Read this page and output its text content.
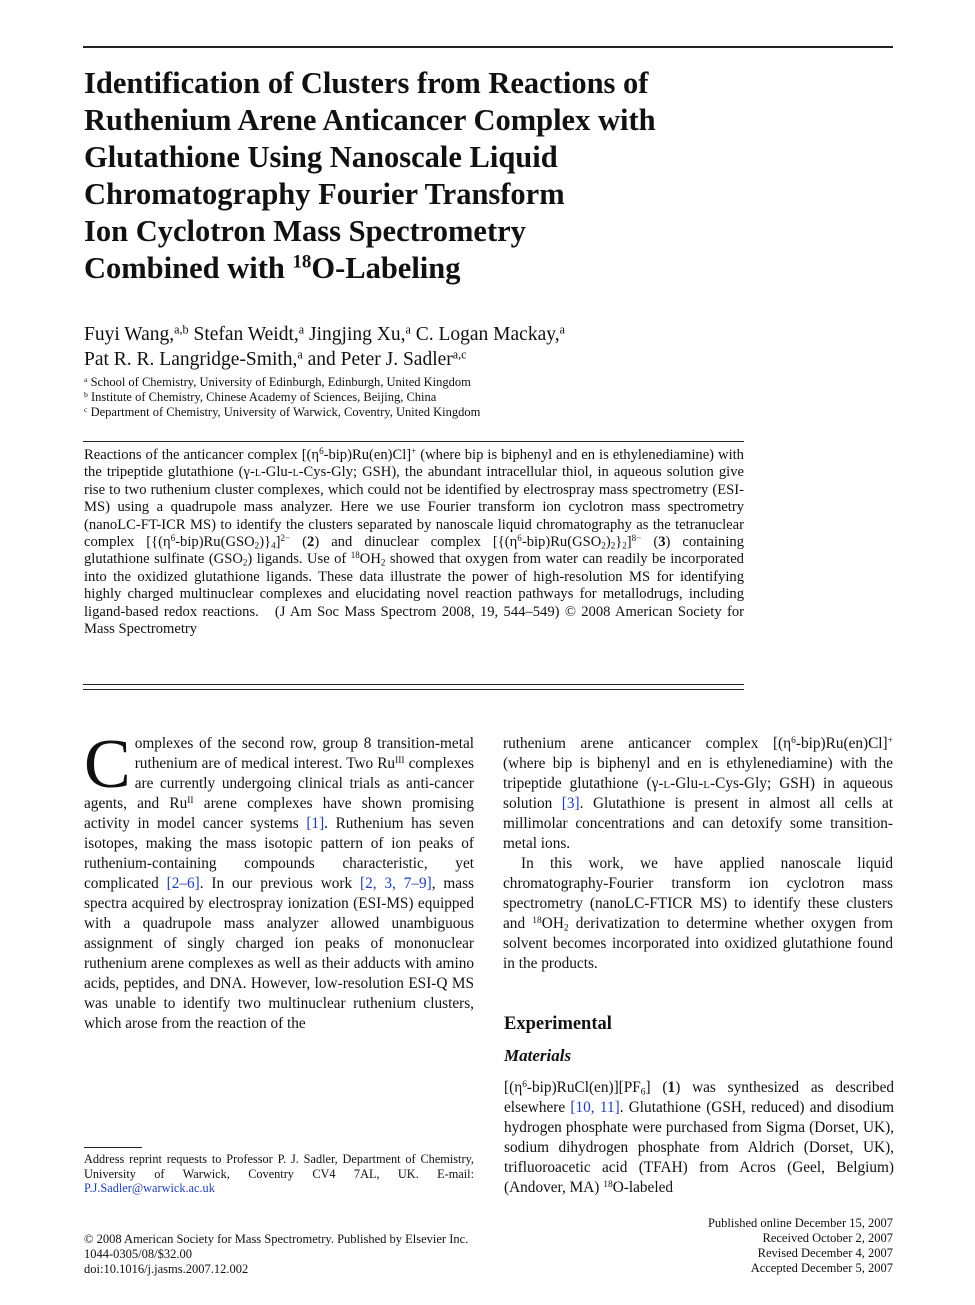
Identification of Clusters from Reactions of
Ruthenium Arene Anticancer Complex with
Glutathione Using Nanoscale Liquid
Chromatography Fourier Transform
Ion Cyclotron Mass Spectrometry
Combined with $^{18}$O-Labeling
Fuyi Wang,$^{a,b}$ Stefan Weidt,$^a$ Jingjing Xu,$^a$ C. Logan Mackay,$^a$
Pat R. R. Langridge-Smith,$^a$ and Peter J. Sadler$^{a,c}$
$^a$ School of Chemistry, University of Edinburgh, Edinburgh, United Kingdom
$^b$ Institute of Chemistry, Chinese Academy of Sciences, Beijing, China
$^c$ Department of Chemistry, University of Warwick, Coventry, United Kingdom

Reactions of the anticancer complex $[(\eta^6-bip)Ru(en)Cl]^+$ (where bip is biphenyl and en is ethylenediamine) with the tripeptide glutathione (γ-l-Glu-l-Cys-Gly; GSH), the abundant intracellular thiol, in aqueous solution give rise to two ruthenium cluster complexes, which could not be identified by electrospray mass spectrometry (ESI-MS) using a quadrupole mass analyzer. Here we use Fourier transform ion cyclotron mass spectrometry (nanoLC-FT-ICR MS) to identify the clusters separated by nanoscale liquid chromatography as the tetranuclear complex $[\{(\eta^6-bip)Ru(GSO_2)\}_4]^{2-}$ (2) and dinuclear complex $[\{(\eta^6-bip)Ru(GSO_2)_2\}_2]^{8-}$ (3) containing glutathione sulfinate $(GSO_2)$ ligands. Use of $^{18}OH_2$ showed that oxygen from water can readily be incorporated into the oxidized glutathione ligands. These data illustrate the power of high-resolution MS for identifying highly charged multinuclear complexes and elucidating novel reaction pathways for metallodrugs, including ligand-based redox reactions. (J Am Soc Mass Spectrom 2008, 19, 544–549) © 2008 American Society for Mass Spectrometry

Complexes of the second row, group 8 transition-metal ruthenium are of medical interest. Two $Ru^{III}$ complexes are currently undergoing clinical trials as anti-cancer agents, and $Ru^{II}$ arene complexes have shown promising activity in model cancer systems [1]. Ruthenium has seven isotopes, making the mass isotopic pattern of ion peaks of ruthenium-containing compounds characteristic, yet complicated [2–6]. In our previous work [2, 3, 7–9], mass spectra acquired by electrospray ionization (ESI-MS) equipped with a quadrupole mass analyzer allowed unambiguous assignment of singly charged ion peaks of mononuclear ruthenium arene complexes as well as their adducts with amino acids, peptides, and DNA. However, low-resolution ESI-Q MS was unable to identify two multinuclear ruthenium clusters, which arose from the reaction of the

ruthenium arene anticancer complex $[(\eta^6-bip)Ru(en)Cl]^+$ (where bip is biphenyl and en is ethylenediamine) with the tripeptide glutathione (γ-l-Glu-l-Cys-Gly; GSH) in aqueous solution [3]. Glutathione is present in almost all cells at millimolar concentrations and can detoxify some transition-metal ions.

In this work, we have applied nanoscale liquid chromatography-Fourier transform ion cyclotron mass spectrometry (nanoLC-FTICR MS) to identify these clusters and $^{18}OH_2$ derivatization to determine whether oxygen from solvent becomes incorporated into oxidized glutathione found in the products.

Experimental
Materials

$[(\eta^6-bip)RuCl(en)][PF_6]$ (1) was synthesized as described elsewhere [10, 11]. Glutathione (GSH, reduced) and disodium hydrogen phosphate were purchased from Sigma (Dorset, UK), sodium dihydrogen phosphate from Aldrich (Dorset, UK), trifluoroacetic acid (TFAH) from Acros (Geel, Belgium) (Andover, MA) $^{18}$O-labeled

Address reprint requests to Professor P. J. Sadler, Department of Chemistry, University of Warwick, Coventry CV4 7AL, UK. E-mail: P.J.Sadler@warwick.ac.uk
© 2008 American Society for Mass Spectrometry. Published by Elsevier Inc.
1044-0305/08/$32.00
doi:10.1016/j.jasms.2007.12.002
Published online December 15, 2007
Received October 2, 2007
Revised December 4, 2007
Accepted December 5, 2007
